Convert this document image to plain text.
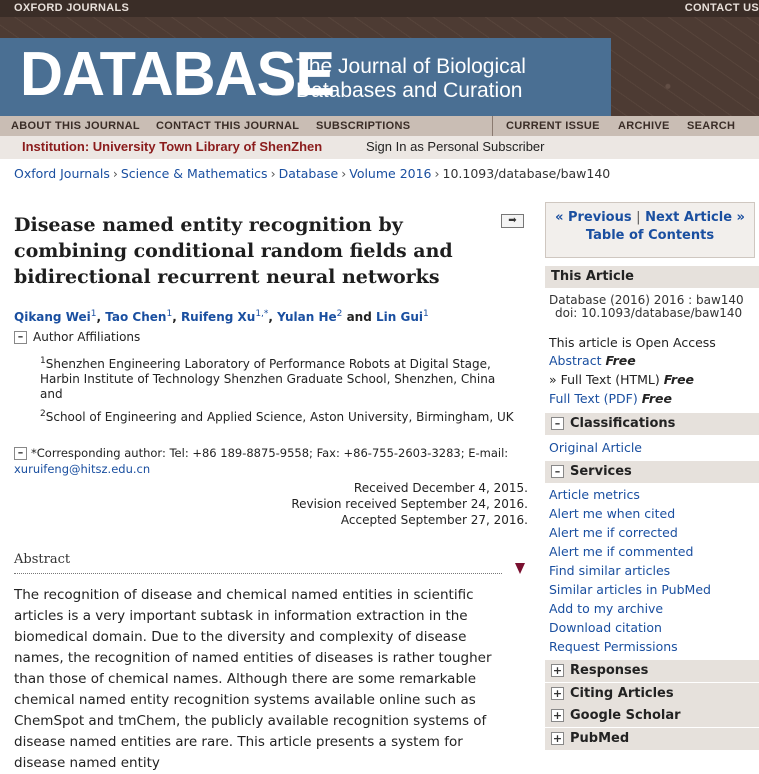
OXFORD JOURNALS	CONTACT US
DATABASE
The Journal of Biological
Databases and Curation
ABOUT THIS JOURNAL CONTACT THIS JOURNAL SUBSCRIPTIONS	CURRENT ISSUE ARCHIVE SEARCH
Institution: University Town Library of ShenZhen	Sign In as Personal Subscriber
Oxford Journals › Science & Mathematics › Database › Volume 2016 › 10.1093/database/baw140
Disease named entity recognition by combining conditional random fields and bidirectional recurrent neural networks
➡
Qikang Wei$^1$, Tao Chen$^1$, Ruifeng $Xu^{1,*}$, Yulan He$^2$ and Lin Gui$^1$
– Author Affiliations
$^1$Shenzhen Engineering Laboratory of Performance Robots at Digital Stage,
Harbin Institute of Technology Shenzhen Graduate School, Shenzhen, China
and
$^2$School of Engineering and Applied Science, Aston University, Birmingham, UK
– *Corresponding author: Tel: +86 189-8875-9558; Fax: +86-755-2603-3283; E-mail: xuruifeng@hitsz.edu.cn
Received December 4, 2015.
Revision received September 24, 2016.
Accepted September 27, 2016.
Abstract
The recognition of disease and chemical named entities in scientific articles is a very important subtask in information extraction in the biomedical domain. Due to the diversity and complexity of disease names, the recognition of named entities of diseases is rather tougher than those of chemical names. Although there are some remarkable chemical named entity recognition systems available online such as ChemSpot and tmChem, the publicly available recognition systems of disease named entities are rare. This article presents a system for disease named entity
« Previous | Next Article »
Table of Contents
This Article
Database (2016) 2016 : baw140
doi: 10.1093/database/baw140
This article is Open Access
Abstract Free
» Full Text (HTML) Free
Full Text (PDF) Free
– Classifications
Original Article
– Services
Article metrics
Alert me when cited
Alert me if corrected
Alert me if commented
Find similar articles
Similar articles in PubMed
Add to my archive
Download citation
Request Permissions
+ Responses
+ Citing Articles
+ Google Scholar
+ PubMed
